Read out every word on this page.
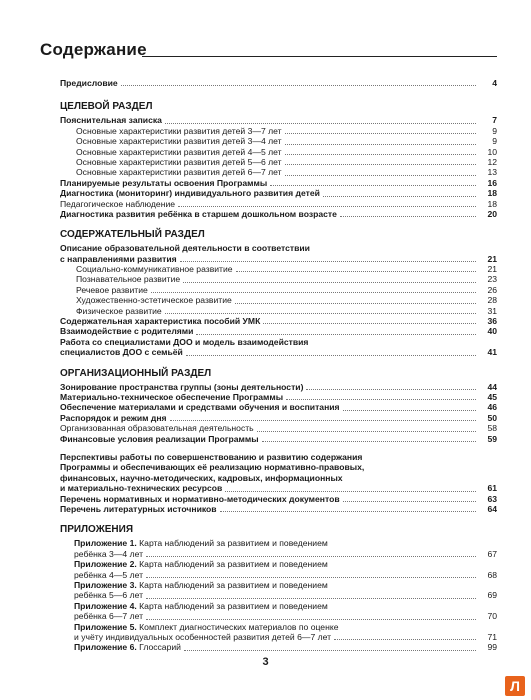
Содержание
Предисловие	4
ЦЕЛЕВОЙ РАЗДЕЛ
Пояснительная записка	7
Основные характеристики развития детей 3—7 лет	9
Основные характеристики развития детей 3—4 лет	9
Основные характеристики развития детей 4—5 лет	10
Основные характеристики развития детей 5—6 лет	12
Основные характеристики развития детей 6—7 лет	13
Планируемые результаты освоения Программы	16
Диагностика (мониторинг) индивидуального развития детей	18
Педагогическое наблюдение	18
Диагностика развития ребёнка в старшем дошкольном возрасте	20
СОДЕРЖАТЕЛЬНЫЙ РАЗДЕЛ
Описание образовательной деятельности в соответствии
с направлениями развития	21
Социально-коммуникативное развитие	21
Познавательное развитие	23
Речевое развитие	26
Художественно-эстетическое развитие	28
Физическое развитие	31
Содержательная характеристика пособий УМК	36
Взаимодействие с родителями	40
Работа со специалистами ДОО и модель взаимодействия
специалистов ДОО с семьёй	41
ОРГАНИЗАЦИОННЫЙ РАЗДЕЛ
Зонирование пространства группы (зоны деятельности)	44
Материально-техническое обеспечение Программы	45
Обеспечение материалами и средствами обучения и воспитания	46
Распорядок и режим дня	50
Организованная образовательная деятельность	58
Финансовые условия реализации Программы	59
Перспективы работы по совершенствованию и развитию содержания
Программы и обеспечивающих её реализацию нормативно-правовых,
финансовых, научно-методических, кадровых, информационных
и материально-технических ресурсов	61
Перечень нормативных и нормативно-методических документов	63
Перечень литературных источников	64
ПРИЛОЖЕНИЯ
Приложение 1. Карта наблюдений за развитием и поведением
ребёнка 3—4 лет	67
Приложение 2. Карта наблюдений за развитием и поведением
ребёнка 4—5 лет	68
Приложение 3. Карта наблюдений за развитием и поведением
ребёнка 5—6 лет	69
Приложение 4. Карта наблюдений за развитием и поведением
ребёнка 6—7 лет	70
Приложение 5. Комплект диагностических материалов по оценке
и учёту индивидуальных особенностей развития детей 6—7 лет	71
Приложение 6. Глоссарий	99
3
Л
